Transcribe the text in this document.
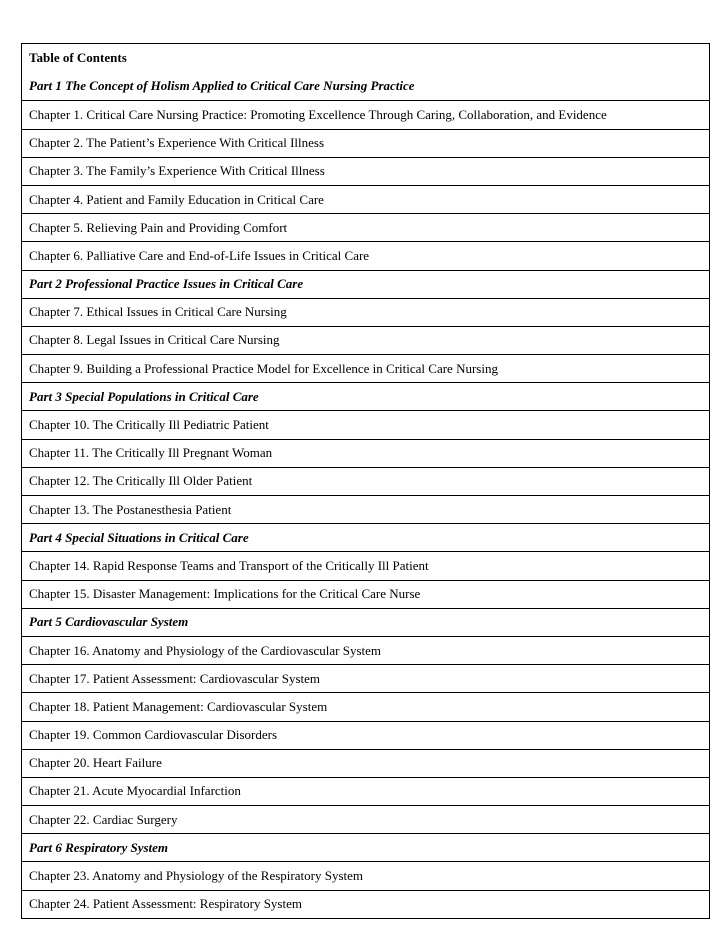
Table of Contents
Part 1 The Concept of Holism Applied to Critical Care Nursing Practice
Chapter 1. Critical Care Nursing Practice: Promoting Excellence Through Caring, Collaboration, and Evidence
Chapter 2. The Patient’s Experience With Critical Illness
Chapter 3. The Family’s Experience With Critical Illness
Chapter 4. Patient and Family Education in Critical Care
Chapter 5. Relieving Pain and Providing Comfort
Chapter 6. Palliative Care and End-of-Life Issues in Critical Care
Part 2 Professional Practice Issues in Critical Care
Chapter 7. Ethical Issues in Critical Care Nursing
Chapter 8. Legal Issues in Critical Care Nursing
Chapter 9. Building a Professional Practice Model for Excellence in Critical Care Nursing
Part 3 Special Populations in Critical Care
Chapter 10. The Critically Ill Pediatric Patient
Chapter 11. The Critically Ill Pregnant Woman
Chapter 12. The Critically Ill Older Patient
Chapter 13. The Postanesthesia Patient
Part 4 Special Situations in Critical Care
Chapter 14. Rapid Response Teams and Transport of the Critically Ill Patient
Chapter 15. Disaster Management: Implications for the Critical Care Nurse
Part 5 Cardiovascular System
Chapter 16. Anatomy and Physiology of the Cardiovascular System
Chapter 17. Patient Assessment: Cardiovascular System
Chapter 18. Patient Management: Cardiovascular System
Chapter 19. Common Cardiovascular Disorders
Chapter 20. Heart Failure
Chapter 21. Acute Myocardial Infarction
Chapter 22. Cardiac Surgery
Part 6 Respiratory System
Chapter 23. Anatomy and Physiology of the Respiratory System
Chapter 24. Patient Assessment: Respiratory System
